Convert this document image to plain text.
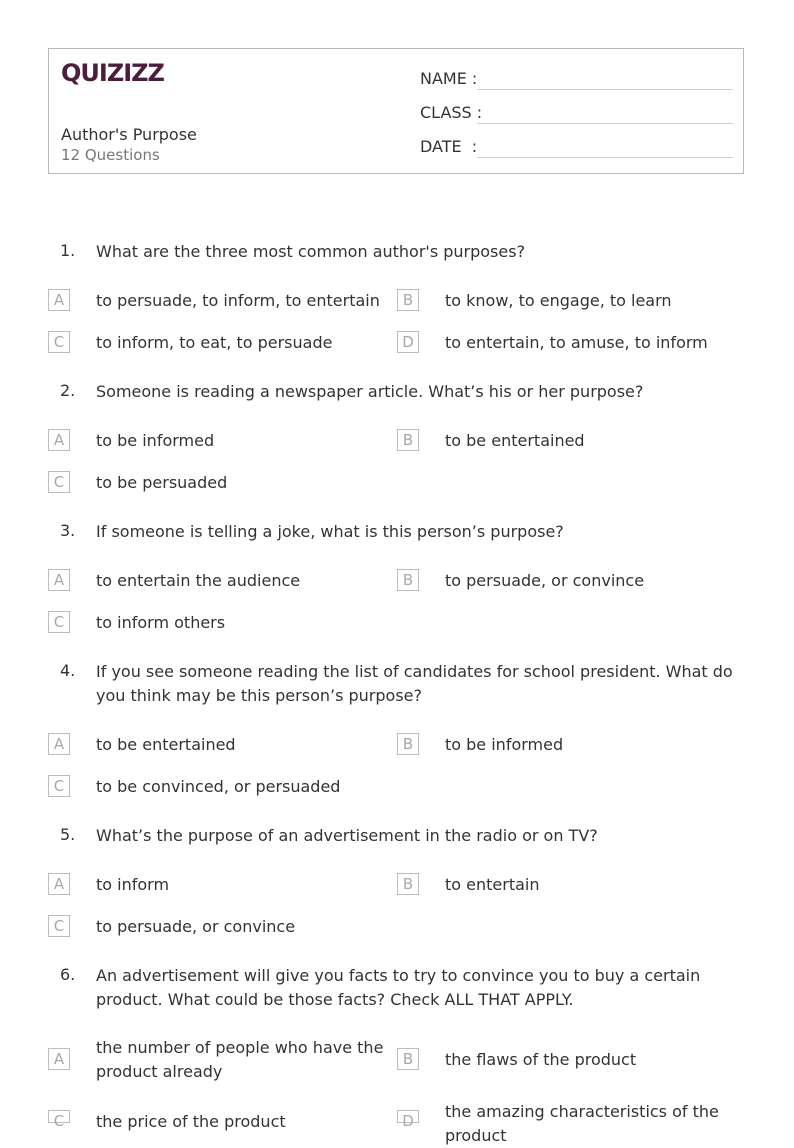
QUIZIZZ
Author's Purpose
12 Questions
NAME :
CLASS :
DATE  :
1. What are the three most common author's purposes?
A	to persuade, to inform, to entertain	B	to know, to engage, to learn
C	to inform, to eat, to persuade	D	to entertain, to amuse, to inform
2. Someone is reading a newspaper article. What’s his or her purpose?
A	to be informed	B	to be entertained
C	to be persuaded
3. If someone is telling a joke, what is this person’s purpose?
A	to entertain the audience	B	to persuade, or convince
C	to inform others
4. If you see someone reading the list of candidates for school president. What do you think may be this person’s purpose?
A	to be entertained	B	to be informed
C	to be convinced, or persuaded
5. What’s the purpose of an advertisement in the radio or on TV?
A	to inform	B	to entertain
C	to persuade, or convince
6. An advertisement will give you facts to try to convince you to buy a certain product. What could be those facts? Check ALL THAT APPLY.
A
the number of people who have the product already
B	the flaws of the product
C	the price of the product	D	the amazing characteristics of the product
